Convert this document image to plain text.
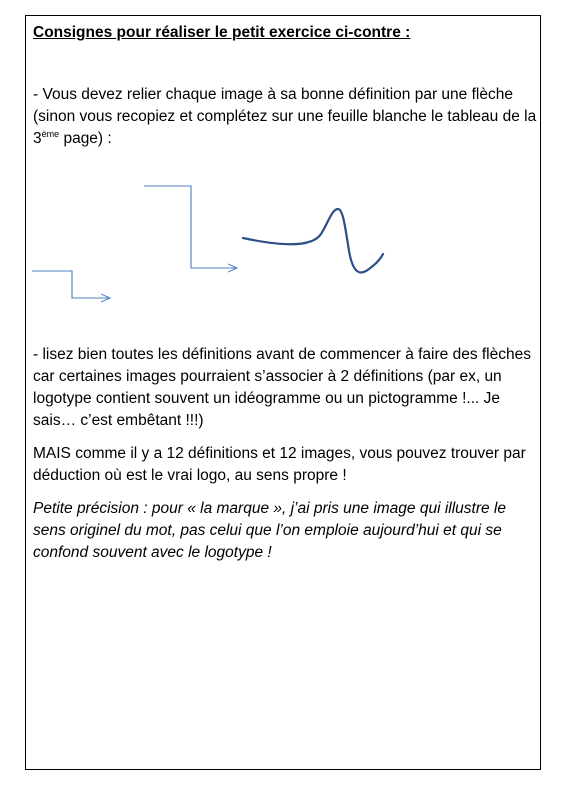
Consignes pour réaliser le petit exercice ci-contre :

- Vous devez relier chaque image à sa bonne définition par une flèche (sinon vous recopiez et complétez sur une feuille blanche le tableau de la 3ème page) :

- lisez bien toutes les définitions avant de commencer à faire des flèches car certaines images pourraient s’associer à 2 définitions (par ex, un logotype contient souvent un idéogramme ou un pictogramme !... Je sais… c’est embêtant !!!)

MAIS comme il y a 12 définitions et 12 images, vous pouvez trouver par déduction où est le vrai logo, au sens propre !

Petite précision : pour « la marque », j’ai pris une image qui illustre le sens originel du mot, pas celui que l’on emploie aujourd’hui et qui se confond souvent avec le logotype !
